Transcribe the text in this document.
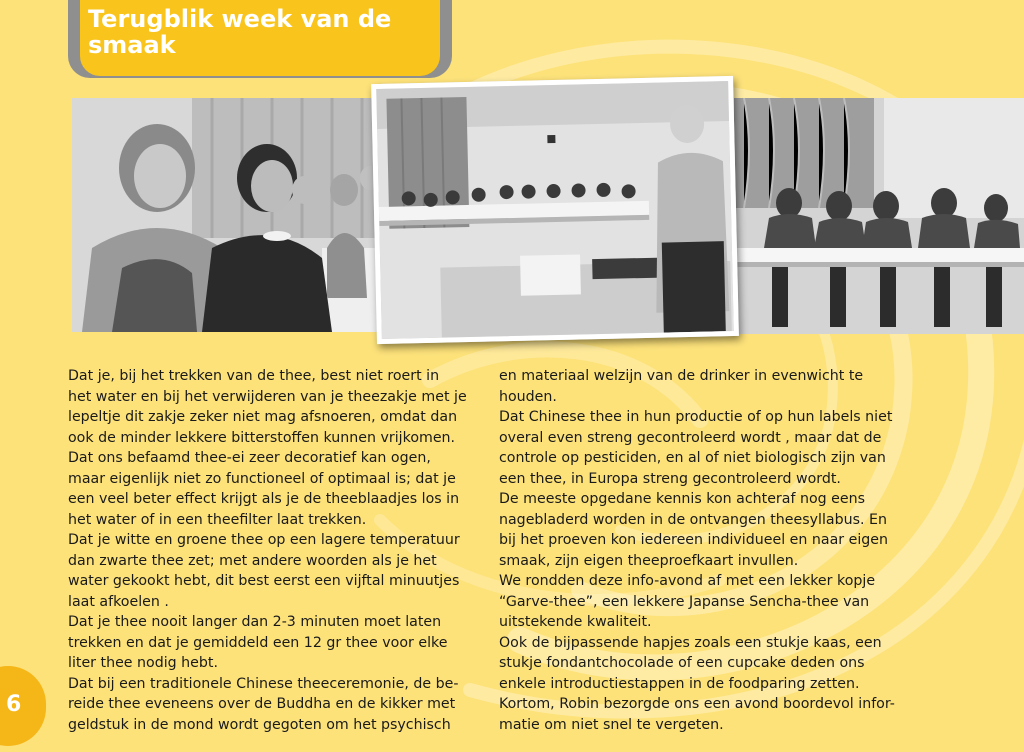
Terugblik week van de
smaak
Dat je, bij het trekken van de thee, best niet roert in
het water en bij het verwijderen van je theezakje met je
lepeltje dit zakje zeker niet mag afsnoeren, omdat dan
ook de minder lekkere bitterstoffen kunnen vrijkomen.
Dat ons befaamd thee-ei zeer decoratief kan ogen,
maar eigenlijk niet zo functioneel of optimaal is; dat je
een veel beter effect krijgt als je de theeblaadjes los in
het water of in een theefilter laat trekken.
Dat je witte en groene thee op een lagere temperatuur
dan zwarte thee zet; met andere woorden als je het
water gekookt hebt, dit best eerst een vijftal minuutjes
laat afkoelen .
Dat je thee nooit langer dan 2-3 minuten moet laten
trekken en dat je gemiddeld een 12 gr thee voor elke
liter thee nodig hebt.
Dat bij een traditionele Chinese theeceremonie, de be-
reide thee eveneens over de Buddha en de kikker met
geldstuk in de mond wordt gegoten om het psychisch
en materiaal welzijn van de drinker in evenwicht te
houden.
Dat Chinese thee in hun productie of op hun labels niet
overal even streng gecontroleerd wordt , maar dat de
controle op pesticiden, en al of niet biologisch zijn van
een thee, in Europa streng gecontroleerd wordt.
De meeste opgedane kennis kon achteraf nog eens
nagebladerd worden in de ontvangen theesyllabus. En
bij het proeven kon iedereen individueel en naar eigen
smaak, zijn eigen theeproefkaart invullen.
We rondden deze info-avond af met een lekker kopje
“Garve-thee”, een lekkere Japanse Sencha-thee van
uitstekende kwaliteit.
Ook de bijpassende hapjes zoals een stukje kaas, een
stukje fondantchocolade of een cupcake deden ons
enkele introductiestappen in de foodparing zetten.
Kortom, Robin bezorgde ons een avond boordevol infor-
matie om niet snel te vergeten.
6
